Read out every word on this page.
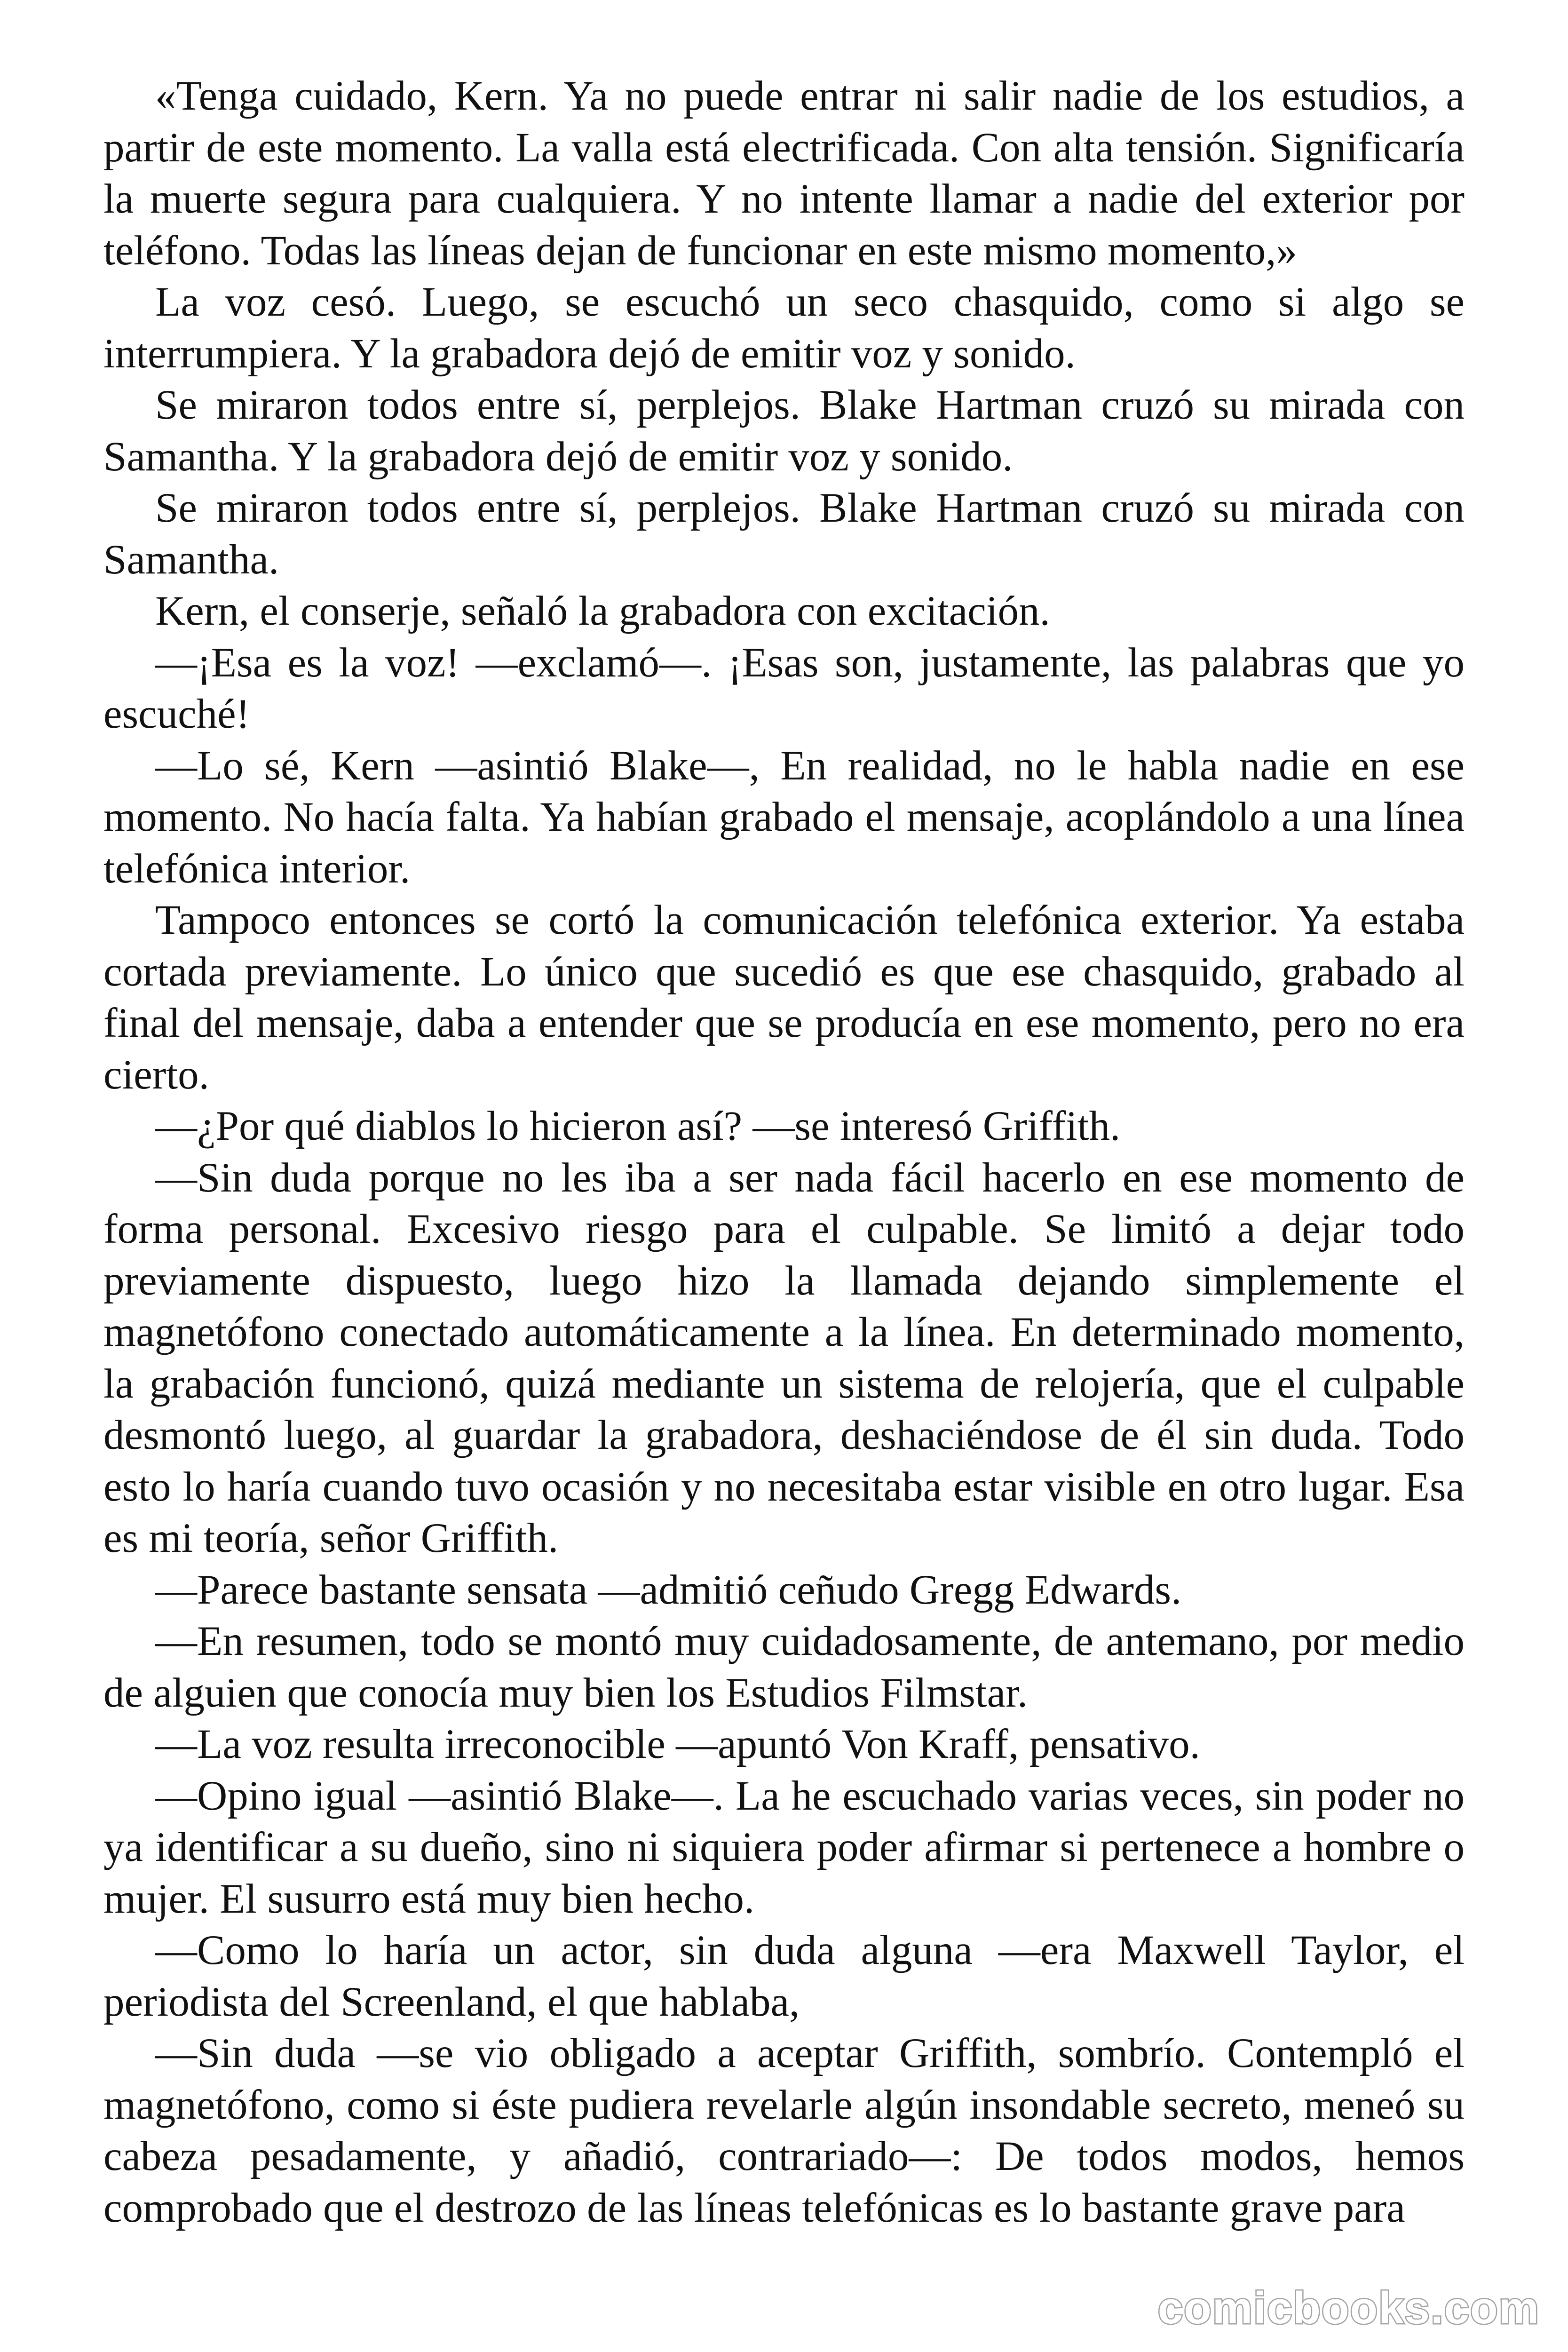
«Tenga cuidado, Kern. Ya no puede entrar ni salir nadie de los estudios, a partir de este momento. La valla está electrificada. Con alta tensión. Significaría la muerte segura para cualquiera. Y no intente llamar a nadie del exterior por teléfono. Todas las líneas dejan de funcionar en este mismo momento,»

La voz cesó. Luego, se escuchó un seco chasquido, como si algo se interrumpiera. Y la grabadora dejó de emitir voz y sonido.

Se miraron todos entre sí, perplejos. Blake Hartman cruzó su mirada con Samantha. Y la grabadora dejó de emitir voz y sonido.

Se miraron todos entre sí, perplejos. Blake Hartman cruzó su mirada con Samantha.

Kern, el conserje, señaló la grabadora con excitación.

—¡Esa es la voz! —exclamó—. ¡Esas son, justamente, las palabras que yo escuché!

—Lo sé, Kern —asintió Blake—, En realidad, no le habla nadie en ese momento. No hacía falta. Ya habían grabado el mensaje, acoplándolo a una línea telefónica interior.

Tampoco entonces se cortó la comunicación telefónica exterior. Ya estaba cortada previamente. Lo único que sucedió es que ese chasquido, grabado al final del mensaje, daba a entender que se producía en ese momento, pero no era cierto.

—¿Por qué diablos lo hicieron así? —se interesó Griffith.

—Sin duda porque no les iba a ser nada fácil hacerlo en ese momento de forma personal. Excesivo riesgo para el culpable. Se limitó a dejar todo previamente dispuesto, luego hizo la llamada dejando simplemente el magnetófono conectado automáticamente a la línea. En determinado momento, la grabación funcionó, quizá mediante un sistema de relojería, que el culpable desmontó luego, al guardar la grabadora, deshaciéndose de él sin duda. Todo esto lo haría cuando tuvo ocasión y no necesitaba estar visible en otro lugar. Esa es mi teoría, señor Griffith.

—Parece bastante sensata —admitió ceñudo Gregg Edwards.

—En resumen, todo se montó muy cuidadosamente, de antemano, por medio de alguien que conocía muy bien los Estudios Filmstar.

—La voz resulta irreconocible —apuntó Von Kraff, pensativo.

—Opino igual —asintió Blake—. La he escuchado varias veces, sin poder no ya identificar a su dueño, sino ni siquiera poder afirmar si pertenece a hombre o mujer. El susurro está muy bien hecho.

—Como lo haría un actor, sin duda alguna —era Maxwell Taylor, el periodista del Screenland, el que hablaba,

—Sin duda —se vio obligado a aceptar Griffith, sombrío. Contempló el magnetófono, como si éste pudiera revelarle algún insondable secreto, meneó su cabeza pesadamente, y añadió, contrariado—: De todos modos, hemos comprobado que el destrozo de las líneas telefónicas es lo bastante grave para

comicbooks.com
